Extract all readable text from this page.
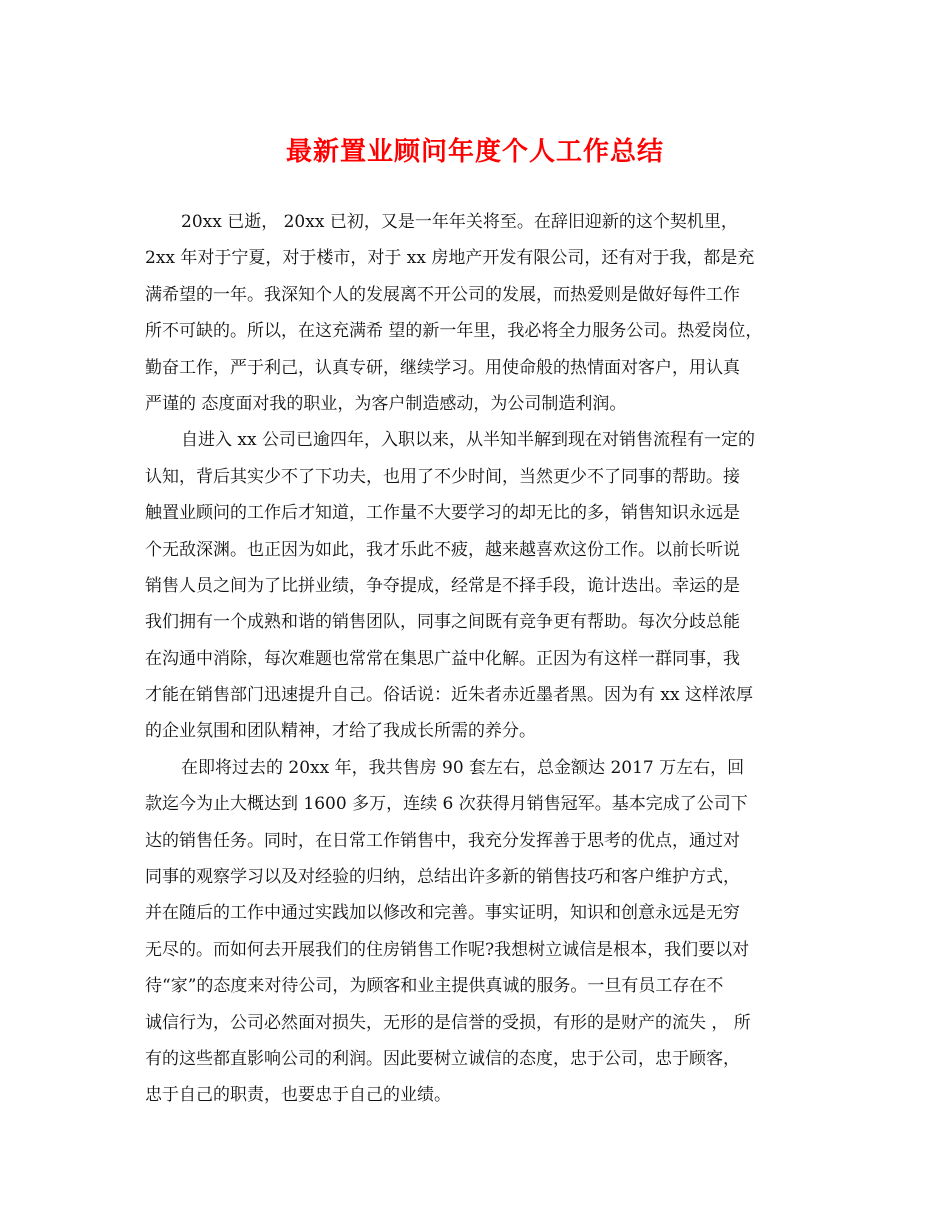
最新置业顾问年度个人工作总结

20xx 已逝， 20xx 已初，又是一年年关将至。在辞旧迎新的这个契机里，
2xx 年对于宁夏，对于楼市，对于 xx 房地产开发有限公司，还有对于我，都是充
满希望的一年。我深知个人的发展离不开公司的发展，而热爱则是做好每件工作
所不可缺的。所以，在这充满希 望的新一年里，我必将全力服务公司。热爱岗位，
勤奋工作，严于利己，认真专研，继续学习。用使命般的热情面对客户，用认真
严谨的 态度面对我的职业，为客户制造感动，为公司制造利润。

自进入 xx 公司已逾四年，入职以来，从半知半解到现在对销售流程有一定的
认知，背后其实少不了下功夫，也用了不少时间，当然更少不了同事的帮助。接
触置业顾问的工作后才知道，工作量不大要学习的却无比的多，销售知识永远是
个无敌深渊。也正因为如此，我才乐此不疲，越来越喜欢这份工作。以前长听说
销售人员之间为了比拼业绩，争夺提成，经常是不择手段，诡计迭出。幸运的是
我们拥有一个成熟和谐的销售团队，同事之间既有竞争更有帮助。每次分歧总能
在沟通中消除，每次难题也常常在集思广益中化解。正因为有这样一群同事，我
才能在销售部门迅速提升自己。俗话说：近朱者赤近墨者黑。因为有 xx 这样浓厚
的企业氛围和团队精神，才给了我成长所需的养分。

在即将过去的 20xx 年，我共售房 90 套左右，总金额达 2017 万左右，回
款迄今为止大概达到 1600 多万，连续 6 次获得月销售冠军。基本完成了公司下
达的销售任务。同时，在日常工作销售中，我充分发挥善于思考的优点，通过对
同事的观察学习以及对经验的归纳，总结出许多新的销售技巧和客户维护方式，
并在随后的工作中通过实践加以修改和完善。事实证明，知识和创意永远是无穷
无尽的。而如何去开展我们的住房销售工作呢?我想树立诚信是根本，我们要以对
待“家”的态度来对待公司，为顾客和业主提供真诚的服务。一旦有员工存在不
诚信行为，公司必然面对损失，无形的是信誉的受损，有形的是财产的流失 ， 所
有的这些都直影响公司的利润。因此要树立诚信的态度，忠于公司，忠于顾客，
忠于自己的职责，也要忠于自己的业绩。
